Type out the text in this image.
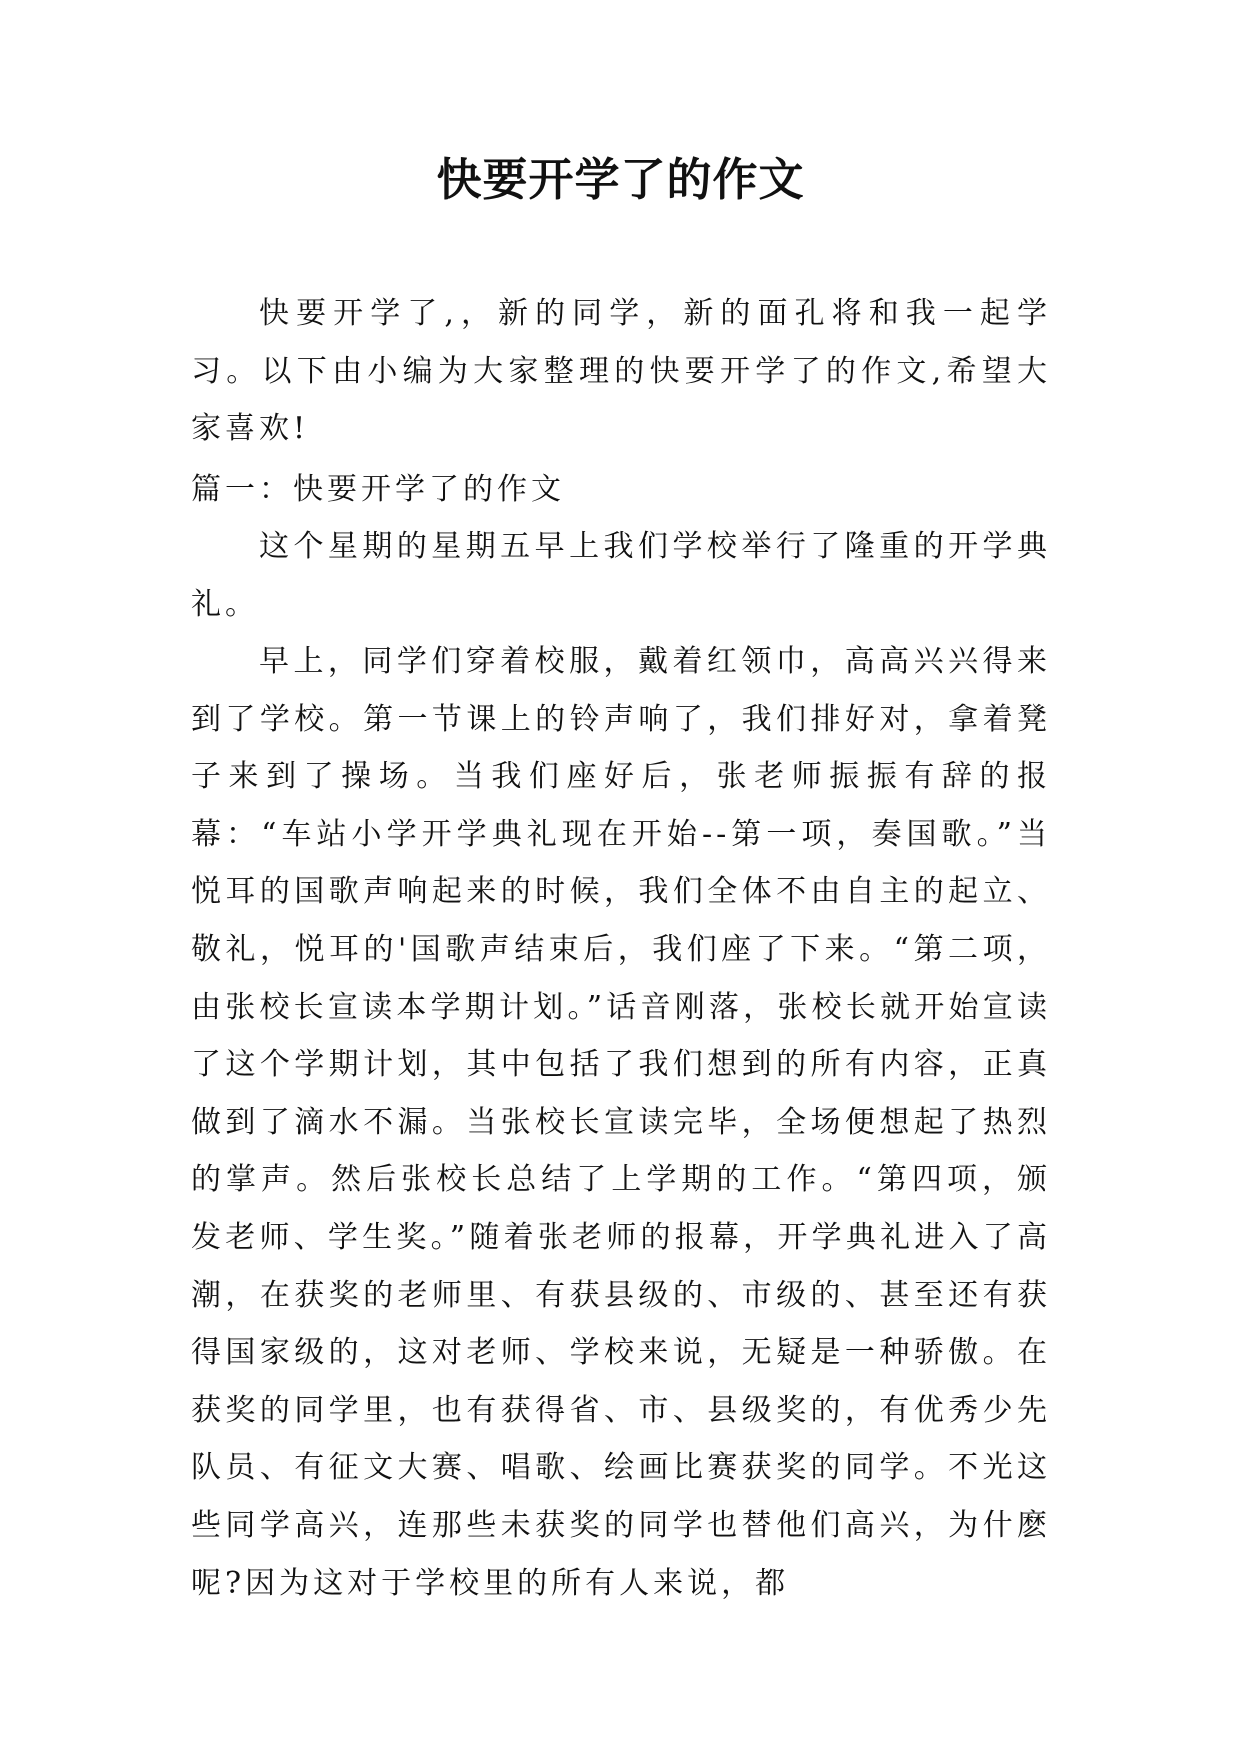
快要开学了的作文

快要开学了,，新的同学，新的面孔将和我一起学习。以下由小编为大家整理的快要开学了的作文,希望大家喜欢!

篇一：快要开学了的作文

这个星期的星期五早上我们学校举行了隆重的开学典礼。

早上，同学们穿着校服，戴着红领巾，高高兴兴得来到了学校。第一节课上的铃声响了，我们排好对，拿着凳子来到了操场。当我们座好后，张老师振振有辞的报幕：“车站小学开学典礼现在开始--第一项，奏国歌。”当悦耳的国歌声响起来的时候，我们全体不由自主的起立、敬礼，悦耳的'国歌声结束后，我们座了下来。“第二项，由张校长宣读本学期计划。”话音刚落，张校长就开始宣读了这个学期计划，其中包括了我们想到的所有内容，正真做到了滴水不漏。当张校长宣读完毕，全场便想起了热烈的掌声。然后张校长总结了上学期的工作。“第四项，颁发老师、学生奖。”随着张老师的报幕，开学典礼进入了高潮，在获奖的老师里、有获县级的、市级的、甚至还有获得国家级的，这对老师、学校来说，无疑是一种骄傲。在获奖的同学里，也有获得省、市、县级奖的，有优秀少先队员、有征文大赛、唱歌、绘画比赛获奖的同学。不光这些同学高兴，连那些未获奖的同学也替他们高兴，为什麽呢?因为这对于学校里的所有人来说，都
